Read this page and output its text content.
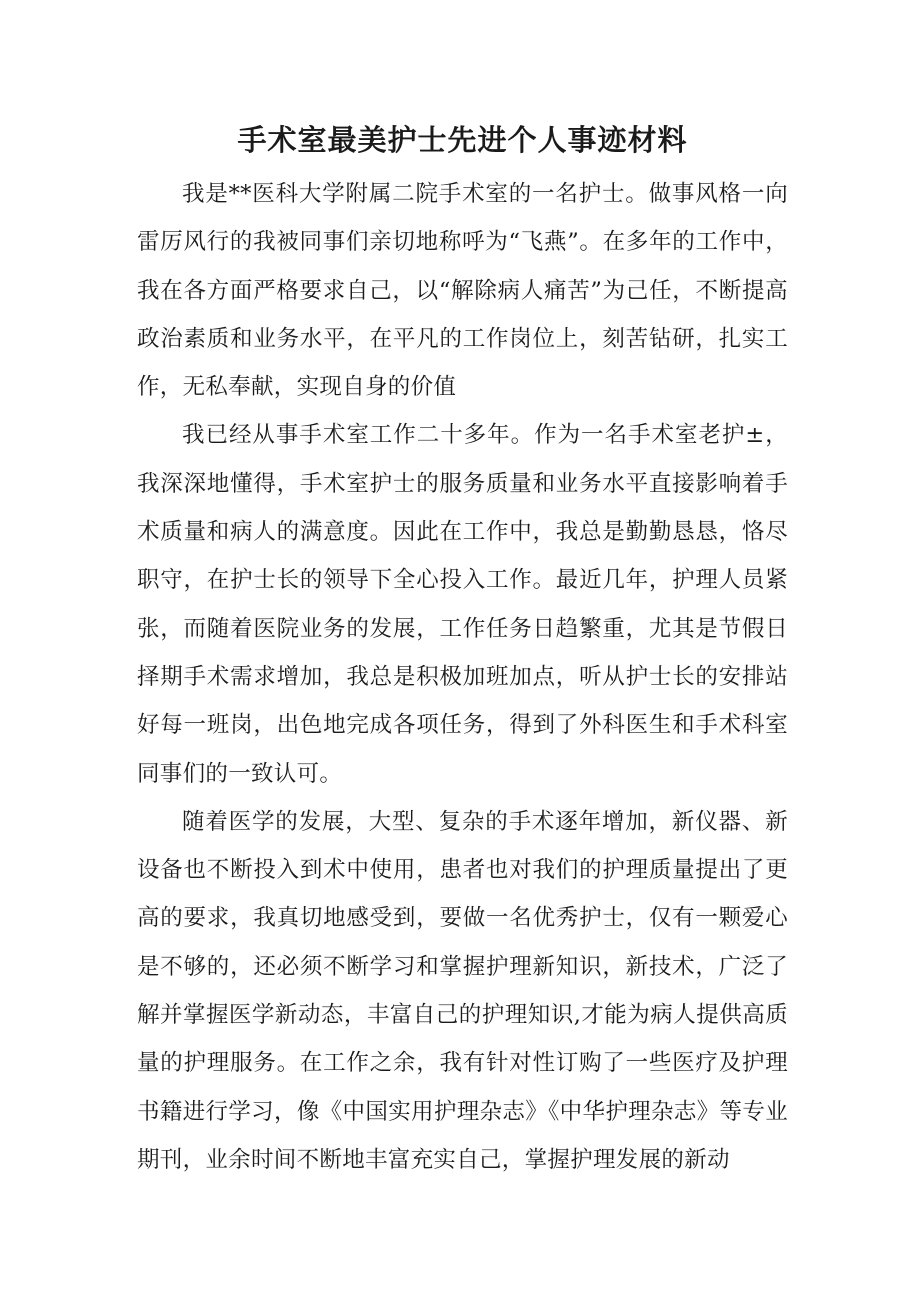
手术室最美护士先进个人事迹材料

我是**医科大学附属二院手术室的一名护士。做事风格一向雷厉风行的我被同事们亲切地称呼为“飞燕”。在多年的工作中，我在各方面严格要求自己，以“解除病人痛苦”为己任，不断提高政治素质和业务水平，在平凡的工作岗位上，刻苦钻研，扎实工作，无私奉献，实现自身的价值

我已经从事手术室工作二十多年。作为一名手术室老护±，我深深地懂得，手术室护士的服务质量和业务水平直接影响着手术质量和病人的满意度。因此在工作中，我总是勤勤恳恳，恪尽职守，在护士长的领导下全心投入工作。最近几年，护理人员紧张，而随着医院业务的发展，工作任务日趋繁重，尤其是节假日择期手术需求增加，我总是积极加班加点，听从护士长的安排站好每一班岗，出色地完成各项任务，得到了外科医生和手术科室同事们的一致认可。

随着医学的发展，大型、复杂的手术逐年增加，新仪器、新设备也不断投入到术中使用，患者也对我们的护理质量提出了更高的要求，我真切地感受到，要做一名优秀护士，仅有一颗爱心是不够的，还必须不断学习和掌握护理新知识，新技术，广泛了解并掌握医学新动态，丰富自己的护理知识,才能为病人提供高质量的护理服务。在工作之余，我有针对性订购了一些医疗及护理书籍进行学习，像《中国实用护理杂志》《中华护理杂志》等专业期刊，业余时间不断地丰富充实自己，掌握护理发展的新动
